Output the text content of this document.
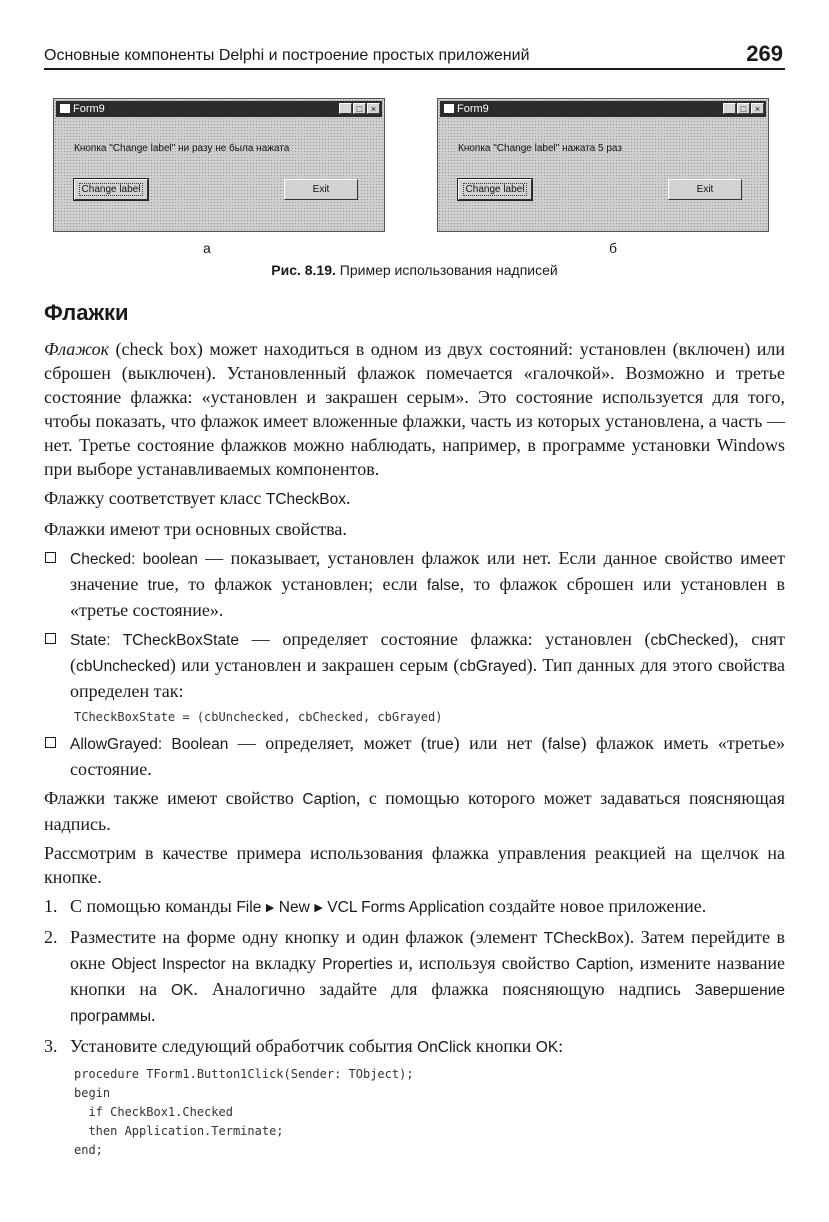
Основные компоненты Delphi и построение простых приложений	269
Form9	_ □ ×
Кнопка "Change label" ни разу не была нажата
Change label	Exit
Form9	_ □ ×
Кнопка "Change label" нажата 5 раз
Change label	Exit
а	б
Рис. 8.19. Пример использования надписей
Флажки

Флажок (check box) может находиться в одном из двух состояний: установлен (включен) или сброшен (выключен). Установленный флажок помечается «галочкой». Возможно и третье состояние флажка: «установлен и закрашен серым». Это состояние используется для того, чтобы показать, что флажок имеет вложенные флажки, часть из которых установлена, а часть — нет. Третье состояние флажков можно наблюдать, например, в программе установки Windows при выборе устанавливаемых компонентов.

Флажку соответствует класс TCheckBox.

Флажки имеют три основных свойства.

Checked: boolean — показывает, установлен флажок или нет. Если данное свойство имеет значение true, то флажок установлен; если false, то флажок сброшен или установлен в «третье состояние».
State: TCheckBoxState — определяет состояние флажка: установлен (cbChecked), снят (cbUnchecked) или установлен и закрашен серым (cbGrayed). Тип данных для этого свойства определен так:
TCheckBoxState = (cbUnchecked, cbChecked, cbGrayed)
AllowGrayed: Boolean — определяет, может (true) или нет (false) флажок иметь «третье» состояние.

Флажки также имеют свойство Caption, с помощью которого может задаваться поясняющая надпись.

Рассмотрим в качестве примера использования флажка управления реакцией на щелчок на кнопке.

1. С помощью команды File ▶ New ▶ VCL Forms Application создайте новое приложение.
2. Разместите на форме одну кнопку и один флажок (элемент TCheckBox). Затем перейдите в окне Object Inspector на вкладку Properties и, используя свойство Caption, измените название кнопки на OK. Аналогично задайте для флажка поясняющую надпись Завершение программы.
3. Установите следующий обработчик события OnClick кнопки OK:
procedure TForm1.Button1Click(Sender: TObject);
begin
if CheckBox1.Checked
then Application.Terminate;
end;
